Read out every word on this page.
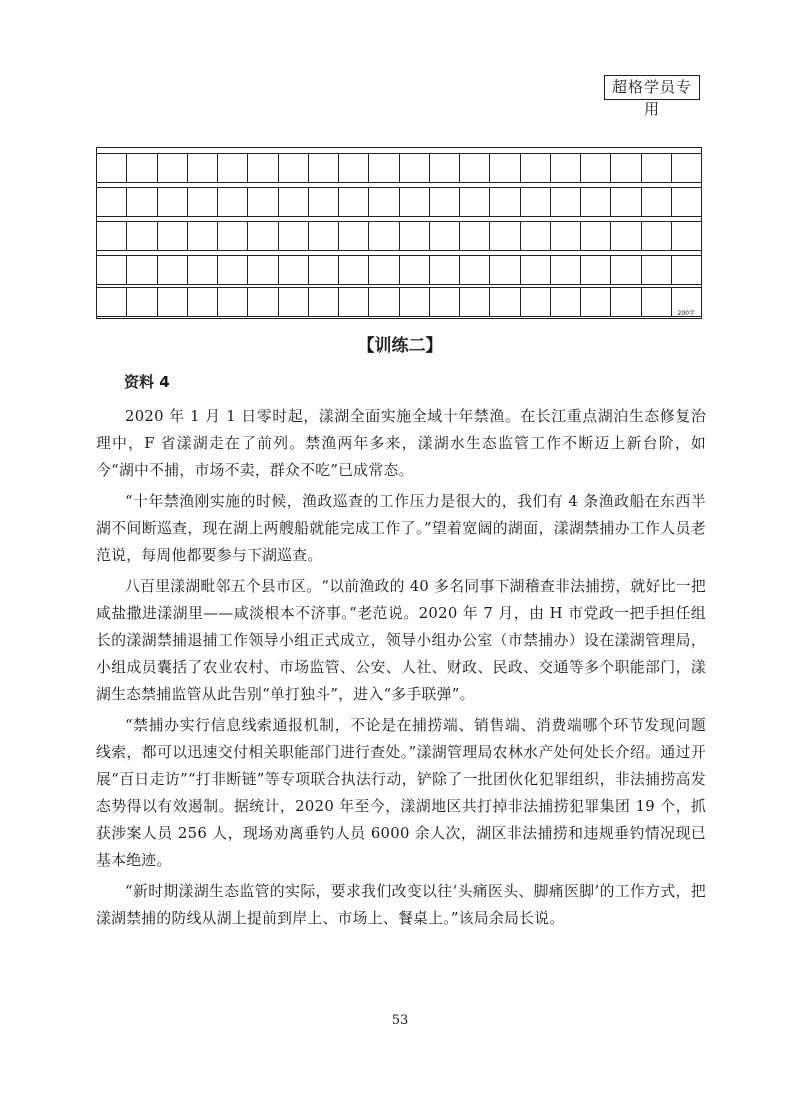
超格学员专用
200字
【训练二】
资料 4

2020 年 1 月 1 日零时起，漾湖全面实施全域十年禁渔。在长江重点湖泊生态修复治理中，F 省漾湖走在了前列。禁渔两年多来，漾湖水生态监管工作不断迈上新台阶，如今“湖中不捕，市场不卖，群众不吃”已成常态。

“十年禁渔刚实施的时候，渔政巡查的工作压力是很大的，我们有 4 条渔政船在东西半湖不间断巡查，现在湖上两艘船就能完成工作了。”望着宽阔的湖面，漾湖禁捕办工作人员老范说，每周他都要参与下湖巡查。

八百里漾湖毗邻五个县市区。“以前渔政的 40 多名同事下湖稽查非法捕捞，就好比一把咸盐撒进漾湖里——咸淡根本不济事。”老范说。2020 年 7 月，由 H 市党政一把手担任组长的漾湖禁捕退捕工作领导小组正式成立，领导小组办公室（市禁捕办）设在漾湖管理局，小组成员囊括了农业农村、市场监管、公安、人社、财政、民政、交通等多个职能部门，漾湖生态禁捕监管从此告别“单打独斗”，进入“多手联弹”。

“禁捕办实行信息线索通报机制，不论是在捕捞端、销售端、消费端哪个环节发现问题线索，都可以迅速交付相关职能部门进行查处。”漾湖管理局农林水产处何处长介绍。通过开展“百日走访”“打非断链”等专项联合执法行动，铲除了一批团伙化犯罪组织，非法捕捞高发态势得以有效遏制。据统计，2020 年至今，漾湖地区共打掉非法捕捞犯罪集团 19 个，抓获涉案人员 256 人，现场劝离垂钓人员 6000 余人次，湖区非法捕捞和违规垂钓情况现已基本绝迹。

“新时期漾湖生态监管的实际，要求我们改变以往‘头痛医头、脚痛医脚’的工作方式，把漾湖禁捕的防线从湖上提前到岸上、市场上、餐桌上。”该局余局长说。

53
